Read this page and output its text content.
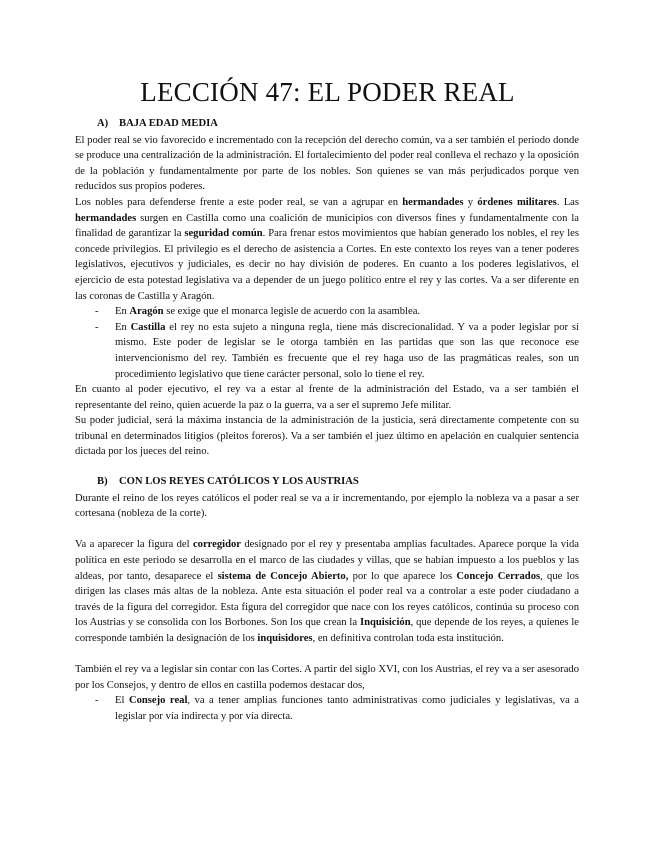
LECCIÓN 47: EL PODER REAL
A) BAJA EDAD MEDIA

El poder real se vio favorecido e incrementado con la recepción del derecho común, va a ser también el periodo donde se produce una centralización de la administración. El fortalecimiento del poder real conlleva el rechazo y la oposición de la población y fundamentalmente por parte de los nobles. Son quienes se van más perjudicados porque ven reducidos sus propios poderes.

Los nobles para defenderse frente a este poder real, se van a agrupar en hermandades y órdenes militares. Las hermandades surgen en Castilla como una coalición de municipios con diversos fines y fundamentalmente con la finalidad de garantizar la seguridad común. Para frenar estos movimientos que habían generado los nobles, el rey les concede privilegios. El privilegio es el derecho de asistencia a Cortes. En este contexto los reyes van a tener poderes legislativos, ejecutivos y judiciales, es decir no hay división de poderes. En cuanto a los poderes legislativos, el ejercicio de esta potestad legislativa va a depender de un juego político entre el rey y las cortes. Va a ser diferente en las coronas de Castilla y Aragón.

- En Aragón se exige que el monarca legisle de acuerdo con la asamblea.
- En Castilla el rey no esta sujeto a ninguna regla, tiene más discrecionalidad. Y va a poder legislar por sí mismo. Este poder de legislar se le otorga también en las partidas que son las que reconoce ese intervencionismo del rey. También es frecuente que el rey haga uso de las pragmáticas reales, son un procedimiento legislativo que tiene carácter personal, solo lo tiene el rey.

En cuanto al poder ejecutivo, el rey va a estar al frente de la administración del Estado, va a ser también el representante del reino, quien acuerde la paz o la guerra, va a ser el supremo Jefe militar.

Su poder judicial, será la máxima instancia de la administración de la justicia, será directamente competente con su tribunal en determinados litigios (pleitos foreros). Va a ser también el juez último en apelación en cualquier sentencia dictada por los jueces del reino.

B) CON LOS REYES CATÓLICOS Y LOS AUSTRIAS

Durante el reino de los reyes católicos el poder real se va a ir incrementando, por ejemplo la nobleza va a pasar a ser cortesana (nobleza de la corte).

Va a aparecer la figura del corregidor designado por el rey y presentaba amplias facultades. Aparece porque la vida política en este periodo se desarrolla en el marco de las ciudades y villas, que se habían impuesto a los pueblos y las aldeas, por tanto, desaparece el sistema de Concejo Abierto, por lo que aparece los Concejo Cerrados, que los dirigen las clases más altas de la nobleza. Ante esta situación el poder real va a controlar a este poder ciudadano a través de la figura del corregidor. Esta figura del corregidor que nace con los reyes católicos, continúa su proceso con los Austrias y se consolida con los Borbones. Son los que crean la Inquisición, que depende de los reyes, a quienes le corresponde también la designación de los inquisidores, en definitiva controlan toda esta institución.

También el rey va a legislar sin contar con las Cortes. A partir del siglo XVI, con los Austrias, el rey va a ser asesorado por los Consejos, y dentro de ellos en castilla podemos destacar dos,

- El Consejo real, va a tener amplias funciones tanto administrativas como judiciales y legislativas, va a legislar por vía indirecta y por vía directa.
